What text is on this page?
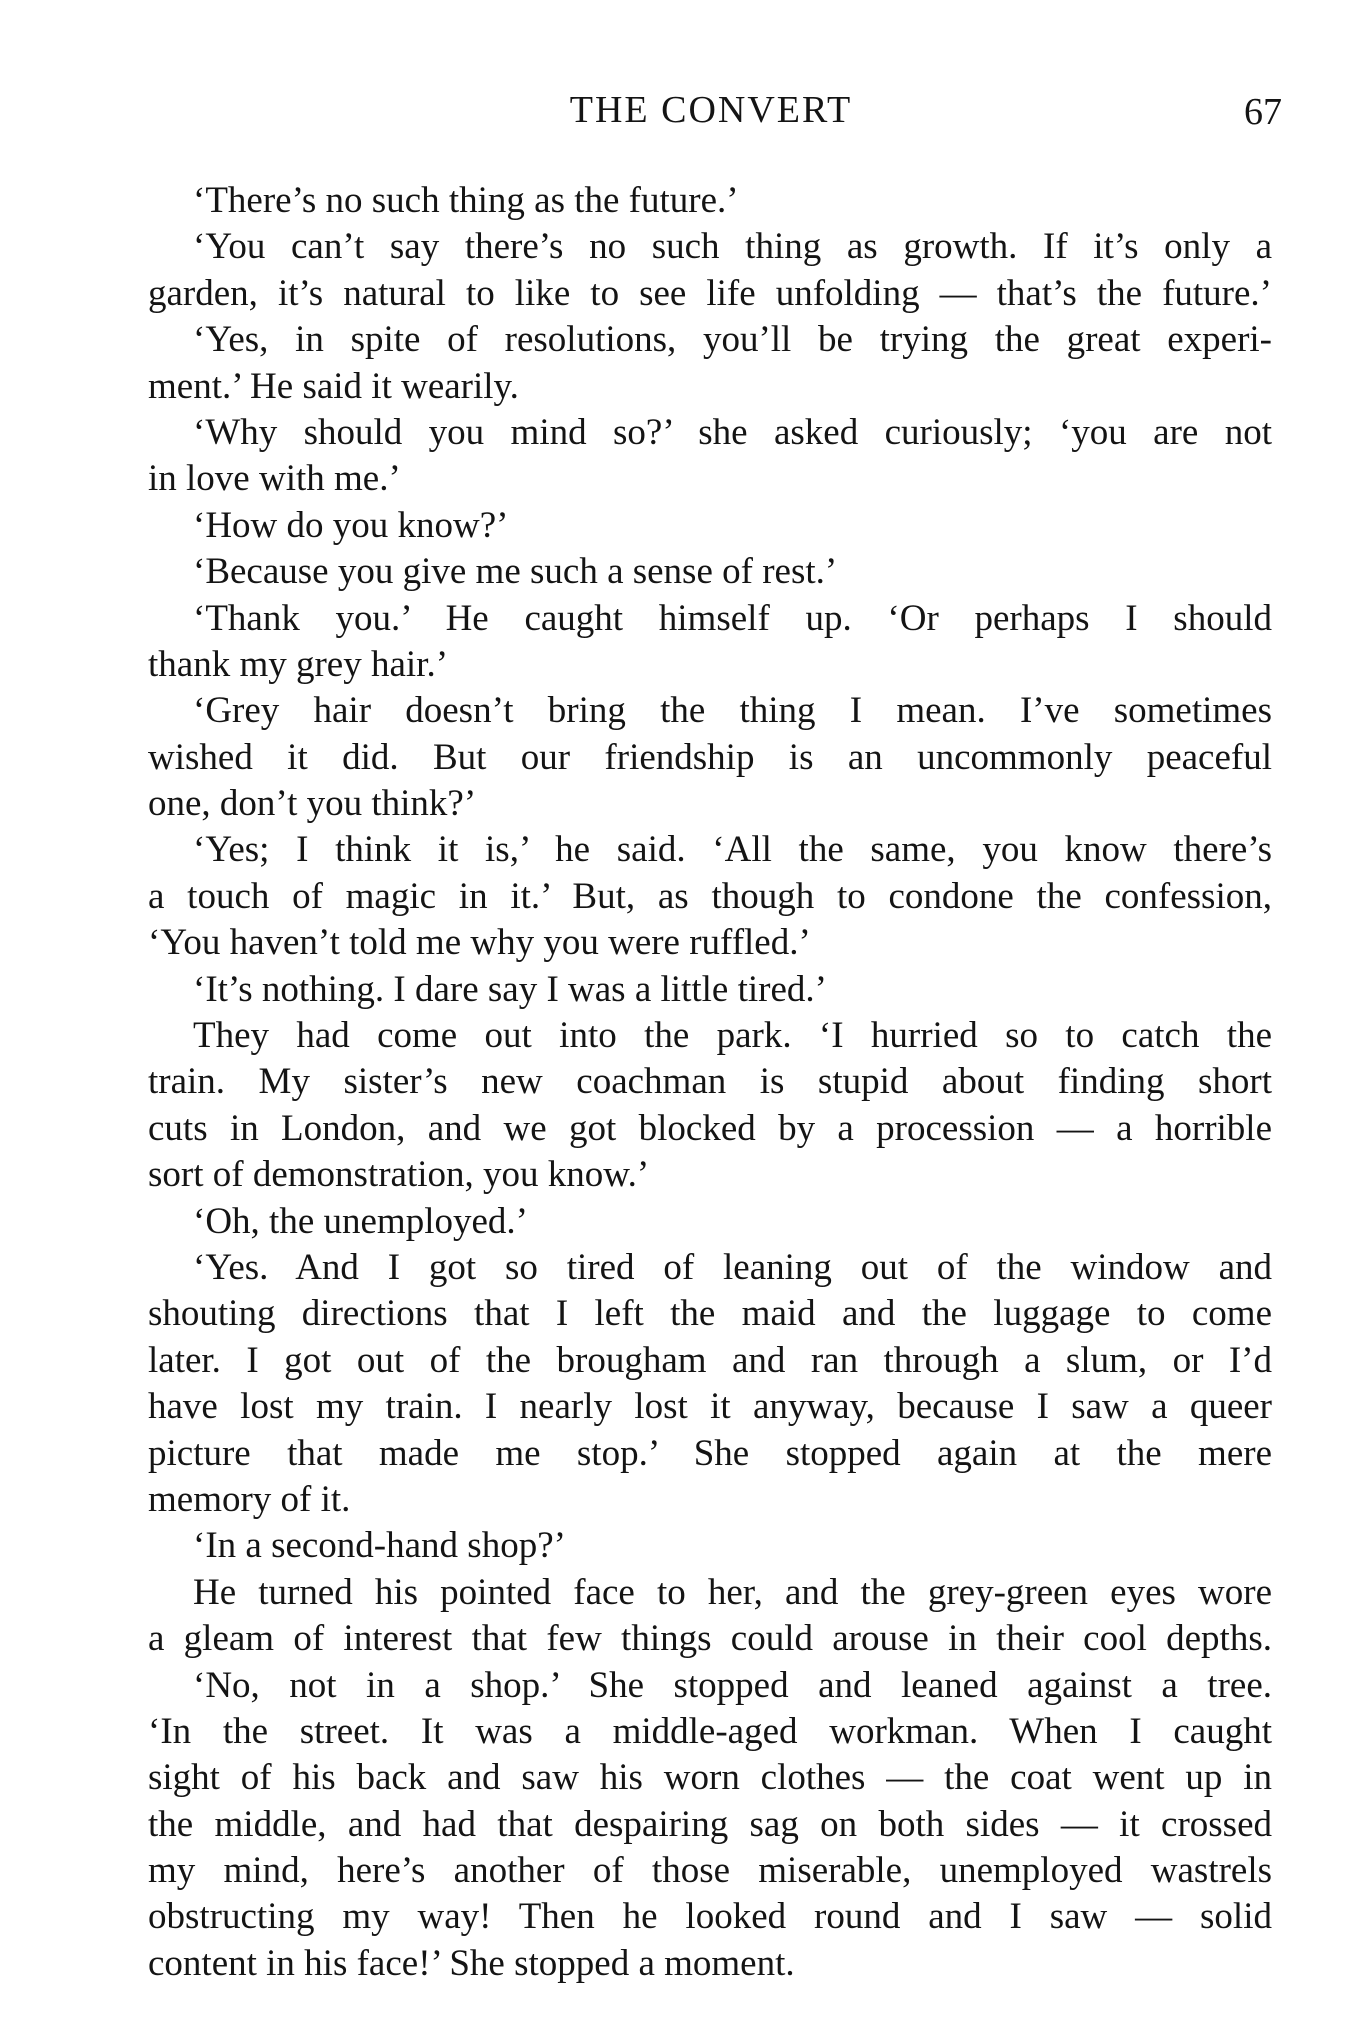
THE CONVERT	67
‘There’s no such thing as the future.’
‘You can’t say there’s no such thing as growth. If it’s only a
garden, it’s natural to like to see life unfolding — that’s the future.’
‘Yes, in spite of resolutions, you’ll be trying the great experi-
ment.’ He said it wearily.
‘Why should you mind so?’ she asked curiously; ‘you are not
in love with me.’
‘How do you know?’
‘Because you give me such a sense of rest.’
‘Thank you.’ He caught himself up. ‘Or perhaps I should
thank my grey hair.’
‘Grey hair doesn’t bring the thing I mean. I’ve sometimes
wished it did. But our friendship is an uncommonly peaceful
one, don’t you think?’
‘Yes; I think it is,’ he said. ‘All the same, you know there’s
a touch of magic in it.’ But, as though to condone the confession,
‘You haven’t told me why you were ruffled.’
‘It’s nothing. I dare say I was a little tired.’
They had come out into the park. ‘I hurried so to catch the
train. My sister’s new coachman is stupid about finding short
cuts in London, and we got blocked by a procession — a horrible
sort of demonstration, you know.’
‘Oh, the unemployed.’
‘Yes. And I got so tired of leaning out of the window and
shouting directions that I left the maid and the luggage to come
later. I got out of the brougham and ran through a slum, or I’d
have lost my train. I nearly lost it anyway, because I saw a queer
picture that made me stop.’ She stopped again at the mere
memory of it.
‘In a second-hand shop?’
He turned his pointed face to her, and the grey-green eyes wore
a gleam of interest that few things could arouse in their cool depths.
‘No, not in a shop.’ She stopped and leaned against a tree.
‘In the street. It was a middle-aged workman. When I caught
sight of his back and saw his worn clothes — the coat went up in
the middle, and had that despairing sag on both sides — it crossed
my mind, here’s another of those miserable, unemployed wastrels
obstructing my way! Then he looked round and I saw — solid
content in his face!’ She stopped a moment.
